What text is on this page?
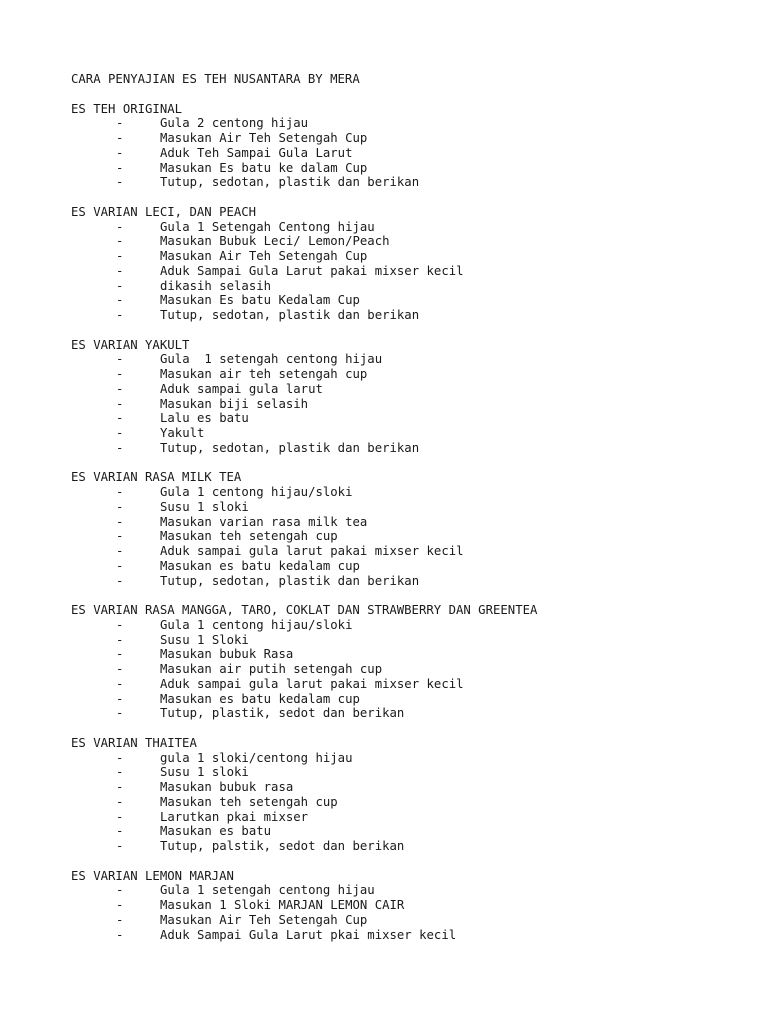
CARA PENYAJIAN ES TEH NUSANTARA BY MERA
ES TEH ORIGINAL
-	Gula 2 centong hijau
-	Masukan Air Teh Setengah Cup
-	Aduk Teh Sampai Gula Larut
-	Masukan Es batu ke dalam Cup
-	Tutup, sedotan, plastik dan berikan
ES VARIAN LECI, DAN PEACH
-	Gula 1 Setengah Centong hijau
-	Masukan Bubuk Leci/ Lemon/Peach
-	Masukan Air Teh Setengah Cup
-	Aduk Sampai Gula Larut pakai mixser kecil
-	dikasih selasih
-	Masukan Es batu Kedalam Cup
-	Tutup, sedotan, plastik dan berikan
ES VARIAN YAKULT
-	Gula  1 setengah centong hijau
-	Masukan air teh setengah cup
-	Aduk sampai gula larut
-	Masukan biji selasih
-	Lalu es batu
-	Yakult
-	Tutup, sedotan, plastik dan berikan
ES VARIAN RASA MILK TEA
-	Gula 1 centong hijau/sloki
-	Susu 1 sloki
-	Masukan varian rasa milk tea
-	Masukan teh setengah cup
-	Aduk sampai gula larut pakai mixser kecil
-	Masukan es batu kedalam cup
-	Tutup, sedotan, plastik dan berikan
ES VARIAN RASA MANGGA, TARO, COKLAT DAN STRAWBERRY DAN GREENTEA
-	Gula 1 centong hijau/sloki
-	Susu 1 Sloki
-	Masukan bubuk Rasa
-	Masukan air putih setengah cup
-	Aduk sampai gula larut pakai mixser kecil
-	Masukan es batu kedalam cup
-	Tutup, plastik, sedot dan berikan
ES VARIAN THAITEA
-	gula 1 sloki/centong hijau
-	Susu 1 sloki
-	Masukan bubuk rasa
-	Masukan teh setengah cup
-	Larutkan pkai mixser
-	Masukan es batu
-	Tutup, palstik, sedot dan berikan
ES VARIAN LEMON MARJAN
-	Gula 1 setengah centong hijau
-	Masukan 1 Sloki MARJAN LEMON CAIR
-	Masukan Air Teh Setengah Cup
-	Aduk Sampai Gula Larut pkai mixser kecil
